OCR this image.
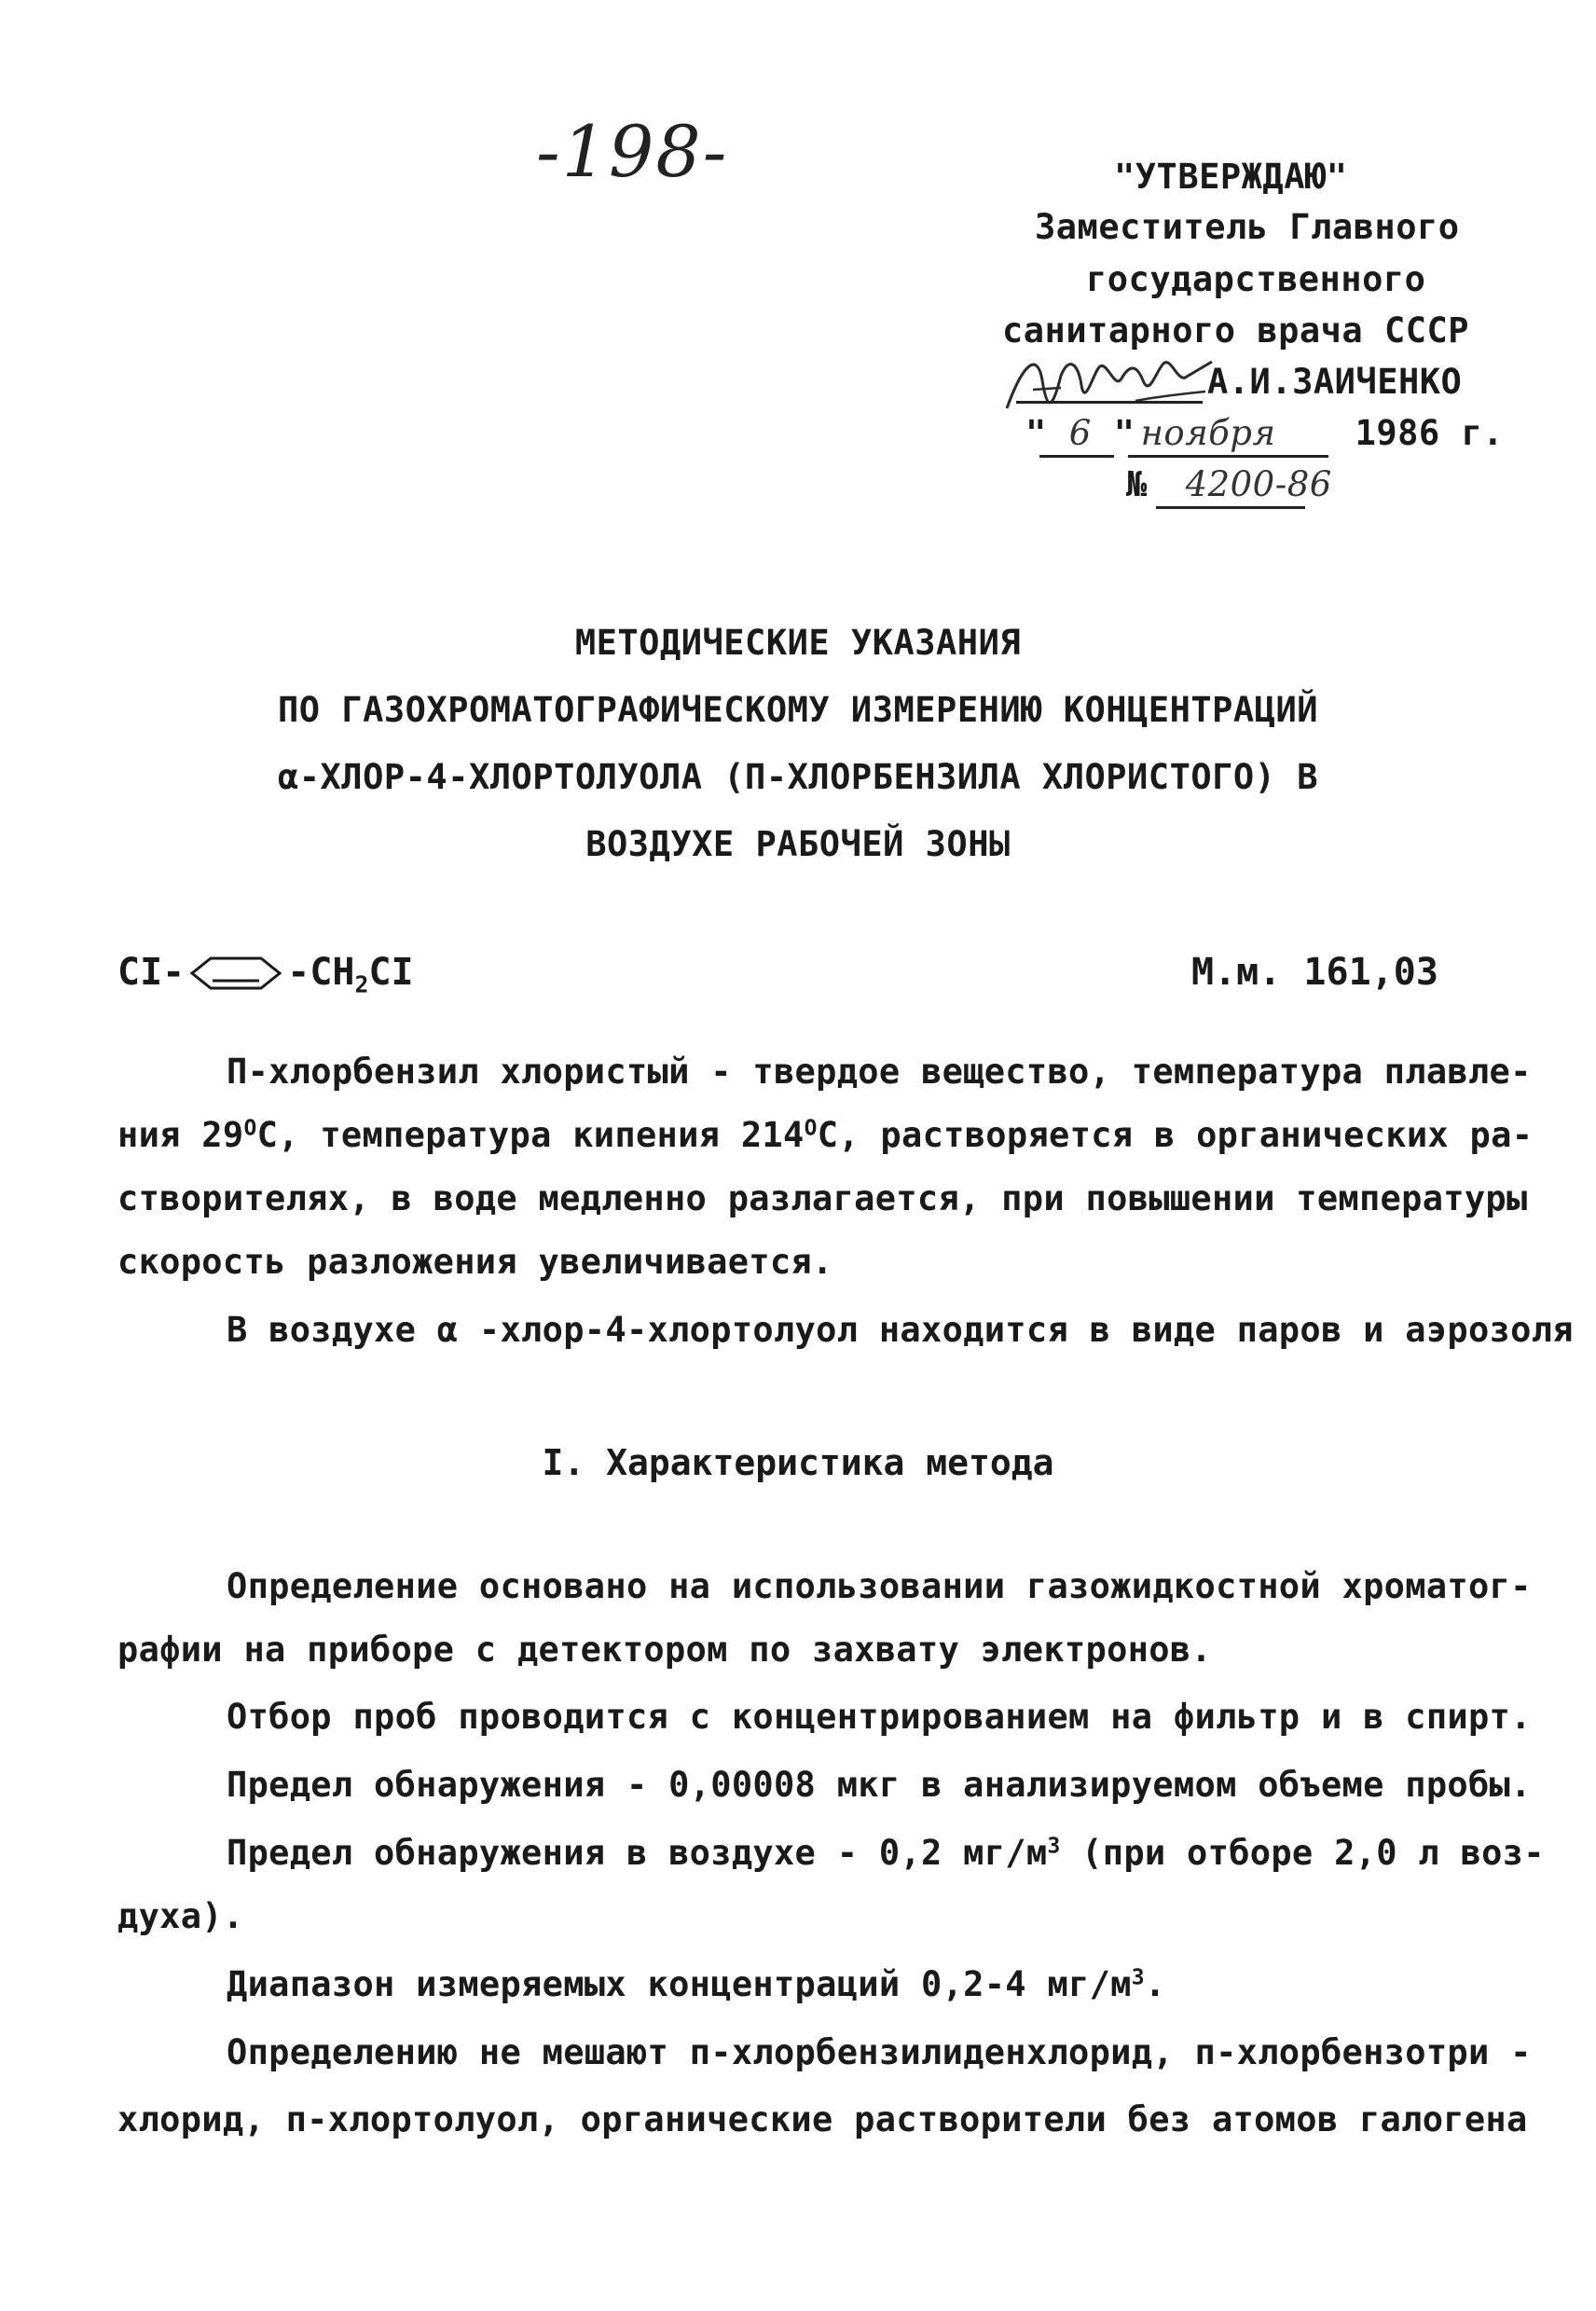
-198-	"УТВЕРЖДАЮ"
Заместитель Главного
государственного
санитарного врача СССР
А.И.ЗАИЧЕНКО
" 6 " ноября 1986 г.
№ 4200-86
МЕТОДИЧЕСКИЕ УКАЗАНИЯ
ПО ГАЗОХРОМАТОГРАФИЧЕСКОМУ ИЗМЕРЕНИЮ КОНЦЕНТРАЦИЙ
α-ХЛОР-4-ХЛОРТОЛУОЛА (П-ХЛОРБЕНЗИЛА ХЛОРИСТОГО) В
ВОЗДУХЕ РАБОЧЕЙ ЗОНЫ
CI-	$-CH_2CI$	М.м. 161,03
П-хлорбензил хлористый - твердое вещество, температура плавле-
ния $29^ОС$, температура кипения $214^ОС$, растворяется в органических ра-
створителях, в воде медленно разлагается, при повышении температуры
скорость разложения увеличивается.
В воздухе α -хлор-4-хлортолуол находится в виде паров и аэрозоля
I. Характеристика метода
Определение основано на использовании газожидкостной хроматог-
рафии на приборе с детектором по захвату электронов.
Отбор проб проводится с концентрированием на фильтр и в спирт.
Предел обнаружения - 0,00008 мкг в анализируемом объеме пробы.
Предел обнаружения в воздухе - 0,2 $мг/м^3$ (при отборе 2,0 л воз-
духа).
Диапазон измеряемых концентраций 0,2-4 $мг/м^3$.
Определению не мешают п-хлорбензилиденхлорид, п-хлорбензотри -
хлорид, п-хлортолуол, органические растворители без атомов галогена
